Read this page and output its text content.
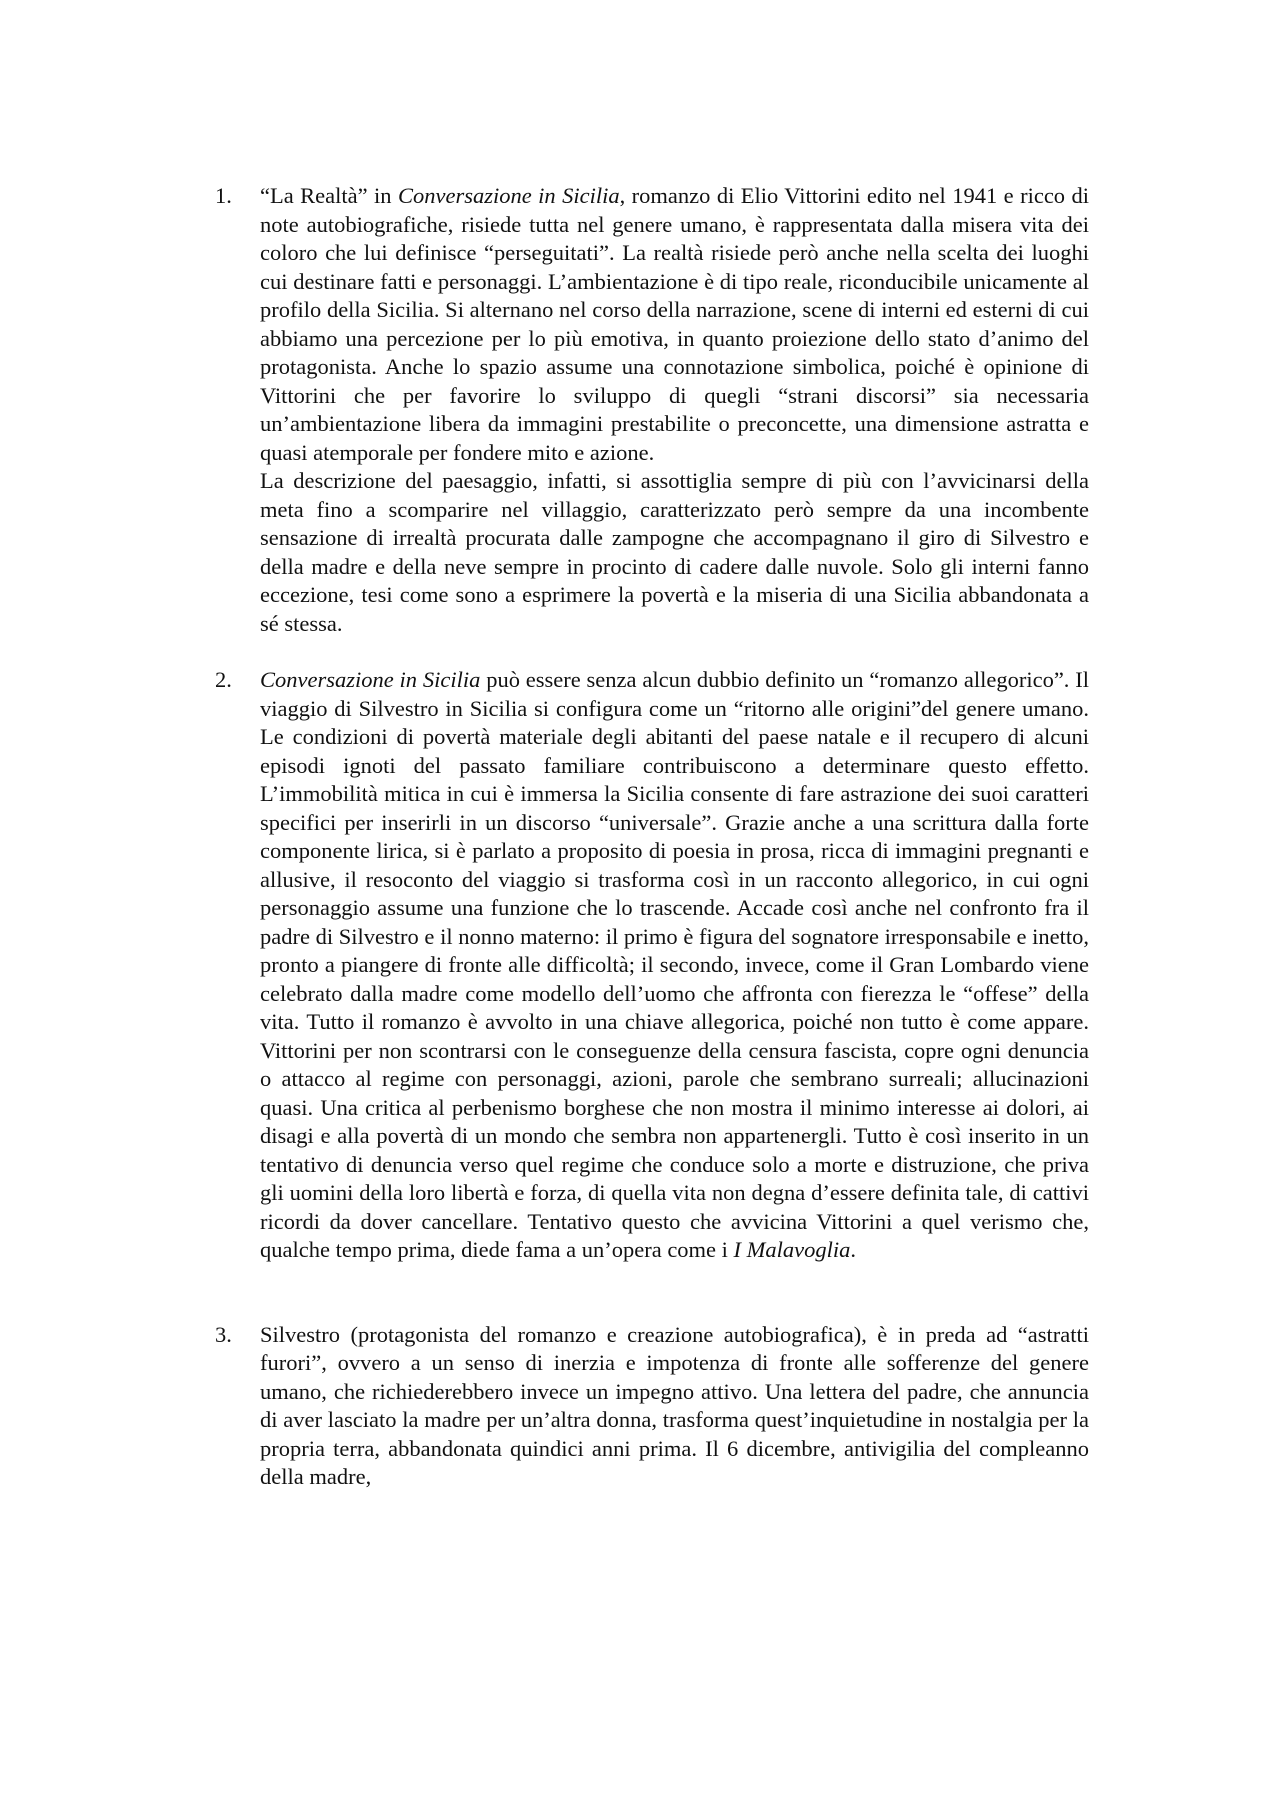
1. “La Realtà” in Conversazione in Sicilia, romanzo di Elio Vittorini edito nel 1941 e ricco di note autobiografiche, risiede tutta nel genere umano, è rappresentata dalla misera vita dei coloro che lui definisce “perseguitati”. La realtà risiede però anche nella scelta dei luoghi cui destinare fatti e personaggi. L’ambientazione è di tipo reale, riconducibile unicamente al profilo della Sicilia. Si alternano nel corso della narrazione, scene di interni ed esterni di cui abbiamo una percezione per lo più emotiva, in quanto proiezione dello stato d’animo del protagonista. Anche lo spazio assume una connotazione simbolica, poiché è opinione di Vittorini che per favorire lo sviluppo di quegli “strani discorsi” sia necessaria un’ambientazione libera da immagini prestabilite o preconcette, una dimensione astratta e quasi atemporale per fondere mito e azione.

La descrizione del paesaggio, infatti, si assottiglia sempre di più con l’avvicinarsi della meta fino a scomparire nel villaggio, caratterizzato però sempre da una incombente sensazione di irrealtà procurata dalle zampogne che accompagnano il giro di Silvestro e della madre e della neve sempre in procinto di cadere dalle nuvole. Solo gli interni fanno eccezione, tesi come sono a esprimere la povertà e la miseria di una Sicilia abbandonata a sé stessa.

2. Conversazione in Sicilia può essere senza alcun dubbio definito un “romanzo allegorico”. Il viaggio di Silvestro in Sicilia si configura come un “ritorno alle origini”del genere umano. Le condizioni di povertà materiale degli abitanti del paese natale e il recupero di alcuni episodi ignoti del passato familiare contribuiscono a determinare questo effetto. L’immobilità mitica in cui è immersa la Sicilia consente di fare astrazione dei suoi caratteri specifici per inserirli in un discorso “universale”. Grazie anche a una scrittura dalla forte componente lirica, si è parlato a proposito di poesia in prosa, ricca di immagini pregnanti e allusive, il resoconto del viaggio si trasforma così in un racconto allegorico, in cui ogni personaggio assume una funzione che lo trascende. Accade così anche nel confronto fra il padre di Silvestro e il nonno materno: il primo è figura del sognatore irresponsabile e inetto, pronto a piangere di fronte alle difficoltà; il secondo, invece, come il Gran Lombardo viene celebrato dalla madre come modello dell’uomo che affronta con fierezza le “offese” della vita. Tutto il romanzo è avvolto in una chiave allegorica, poiché non tutto è come appare. Vittorini per non scontrarsi con le conseguenze della censura fascista, copre ogni denuncia o attacco al regime con personaggi, azioni, parole che sembrano surreali; allucinazioni quasi. Una critica al perbenismo borghese che non mostra il minimo interesse ai dolori, ai disagi e alla povertà di un mondo che sembra non appartenergli. Tutto è così inserito in un tentativo di denuncia verso quel regime che conduce solo a morte e distruzione, che priva gli uomini della loro libertà e forza, di quella vita non degna d’essere definita tale, di cattivi ricordi da dover cancellare. Tentativo questo che avvicina Vittorini a quel verismo che, qualche tempo prima, diede fama a un’opera come i I Malavoglia.

3. Silvestro (protagonista del romanzo e creazione autobiografica), è in preda ad “astratti furori”, ovvero a un senso di inerzia e impotenza di fronte alle sofferenze del genere umano, che richiederebbero invece un impegno attivo. Una lettera del padre, che annuncia di aver lasciato la madre per un’altra donna, trasforma quest’inquietudine in nostalgia per la propria terra, abbandonata quindici anni prima. Il 6 dicembre, antivigilia del compleanno della madre,
